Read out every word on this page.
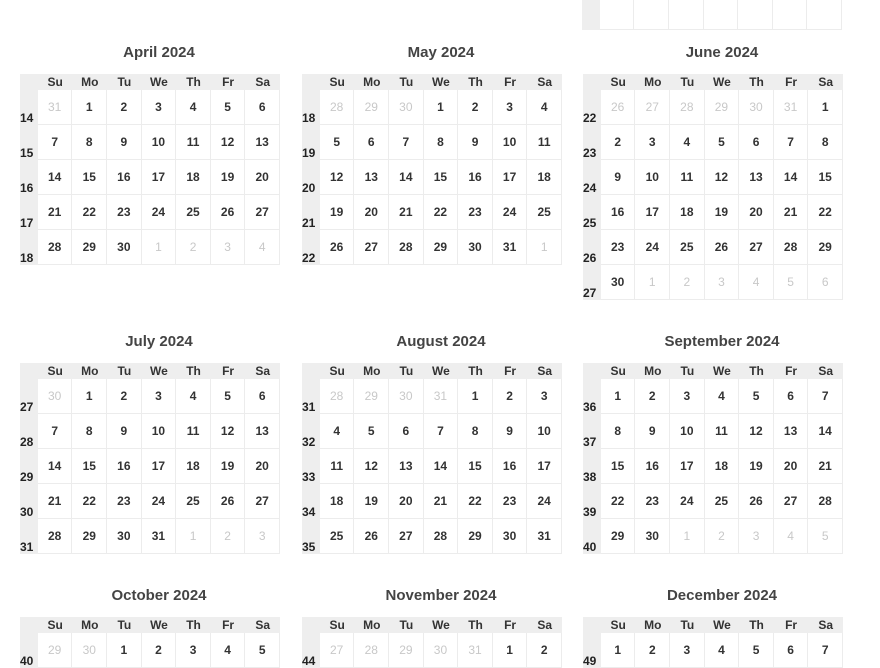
April 2024
	Su	Mo	Tu	We	Th	Fr	Sa
14	31	1	2	3	4	5	6
15	7	8	9	10	11	12	13
16	14	15	16	17	18	19	20
17	21	22	23	24	25	26	27
18	28	29	30	1	2	3	4
May 2024
	Su	Mo	Tu	We	Th	Fr	Sa
18	28	29	30	1	2	3	4
19	5	6	7	8	9	10	11
20	12	13	14	15	16	17	18
21	19	20	21	22	23	24	25
22	26	27	28	29	30	31	1
June 2024
	Su	Mo	Tu	We	Th	Fr	Sa
22	26	27	28	29	30	31	1
23	2	3	4	5	6	7	8
24	9	10	11	12	13	14	15
25	16	17	18	19	20	21	22
26	23	24	25	26	27	28	29
27	30	1	2	3	4	5	6
July 2024
	Su	Mo	Tu	We	Th	Fr	Sa
27	30	1	2	3	4	5	6
28	7	8	9	10	11	12	13
29	14	15	16	17	18	19	20
30	21	22	23	24	25	26	27
31	28	29	30	31	1	2	3
August 2024
	Su	Mo	Tu	We	Th	Fr	Sa
31	28	29	30	31	1	2	3
32	4	5	6	7	8	9	10
33	11	12	13	14	15	16	17
34	18	19	20	21	22	23	24
35	25	26	27	28	29	30	31
September 2024
	Su	Mo	Tu	We	Th	Fr	Sa
36	1	2	3	4	5	6	7
37	8	9	10	11	12	13	14
38	15	16	17	18	19	20	21
39	22	23	24	25	26	27	28
40	29	30	1	2	3	4	5
October 2024
	Su	Mo	Tu	We	Th	Fr	Sa
40	29	30	1	2	3	4	5
November 2024
	Su	Mo	Tu	We	Th	Fr	Sa
44	27	28	29	30	31	1	2
December 2024
	Su	Mo	Tu	We	Th	Fr	Sa
49	1	2	3	4	5	6	7
